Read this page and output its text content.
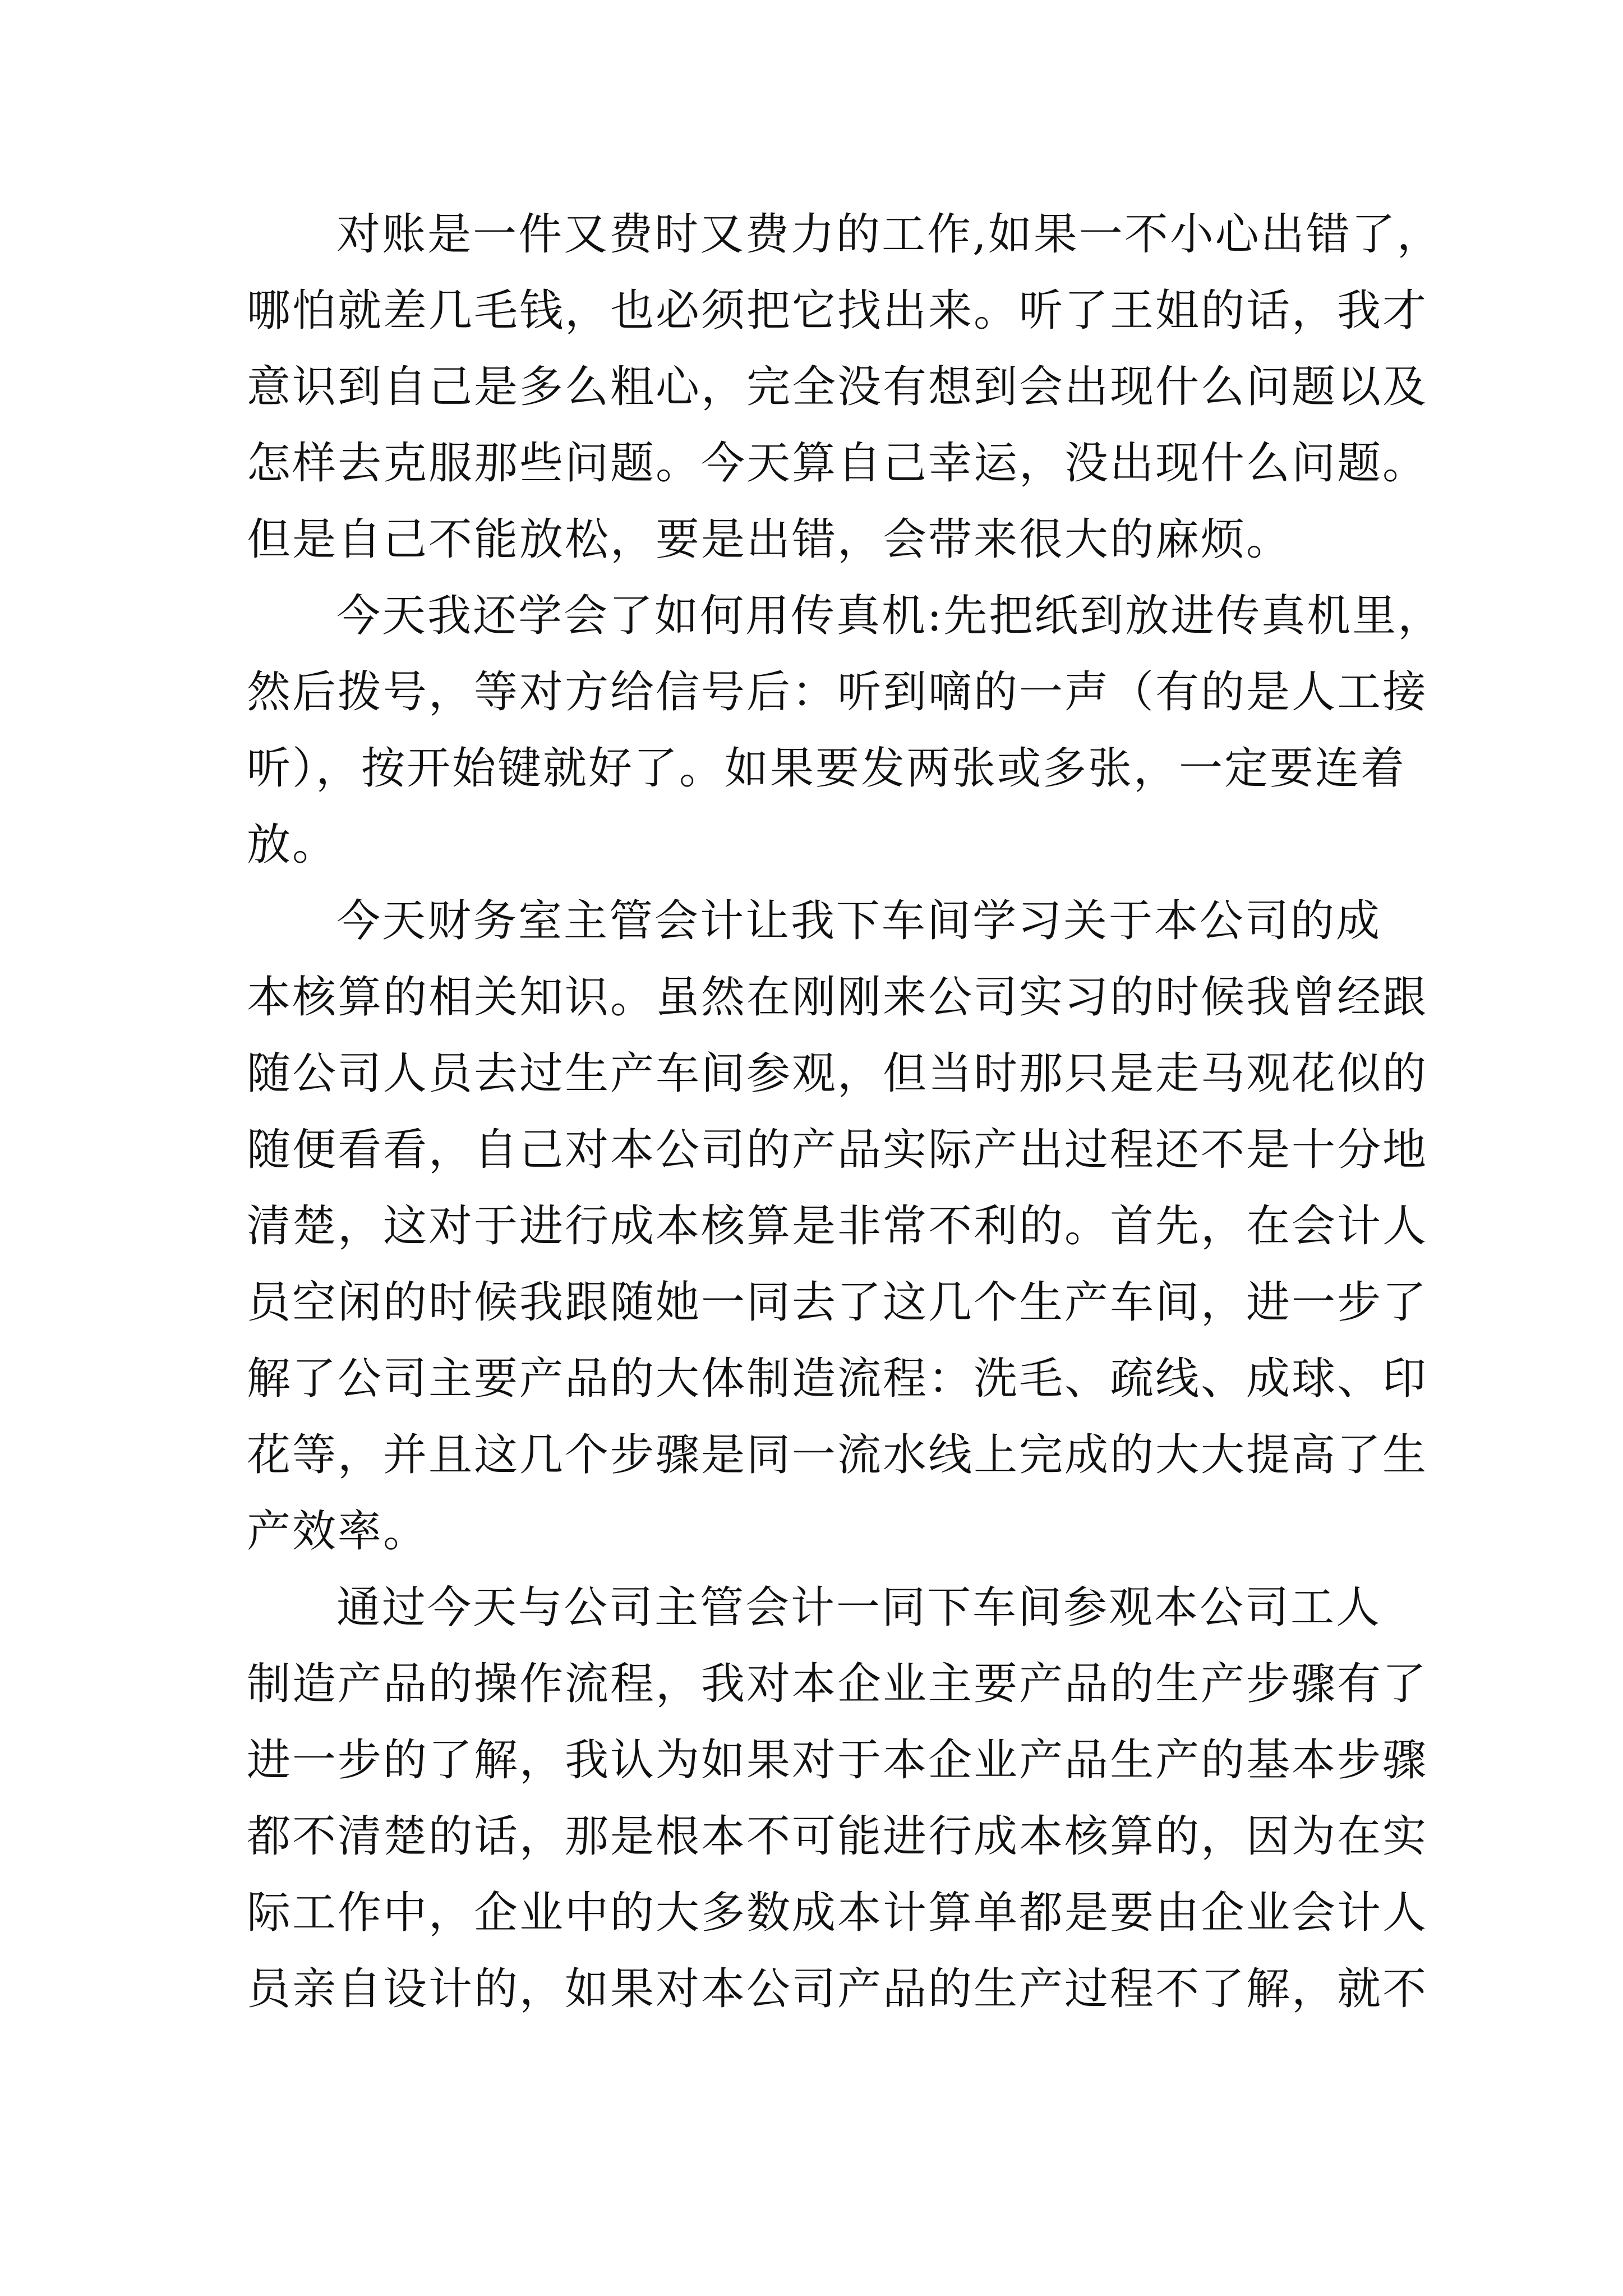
对账是一件又费时又费力的工作,如果一不小心出错了，
哪怕就差几毛钱，也必须把它找出来。听了王姐的话，我才
意识到自己是多么粗心，完全没有想到会出现什么问题以及
怎样去克服那些问题。今天算自己幸运，没出现什么问题。
但是自己不能放松，要是出错，会带来很大的麻烦。

今天我还学会了如何用传真机:先把纸到放进传真机里，
然后拨号，等对方给信号后：听到嘀的一声（有的是人工接
听），按开始键就好了。如果要发两张或多张，一定要连着
放。

今天财务室主管会计让我下车间学习关于本公司的成
本核算的相关知识。虽然在刚刚来公司实习的时候我曾经跟
随公司人员去过生产车间参观，但当时那只是走马观花似的
随便看看，自己对本公司的产品实际产出过程还不是十分地
清楚，这对于进行成本核算是非常不利的。首先，在会计人
员空闲的时候我跟随她一同去了这几个生产车间，进一步了
解了公司主要产品的大体制造流程：洗毛、疏线、成球、印
花等，并且这几个步骤是同一流水线上完成的大大提高了生
产效率。

通过今天与公司主管会计一同下车间参观本公司工人
制造产品的操作流程，我对本企业主要产品的生产步骤有了
进一步的了解，我认为如果对于本企业产品生产的基本步骤
都不清楚的话，那是根本不可能进行成本核算的，因为在实
际工作中，企业中的大多数成本计算单都是要由企业会计人
员亲自设计的，如果对本公司产品的生产过程不了解，就不
